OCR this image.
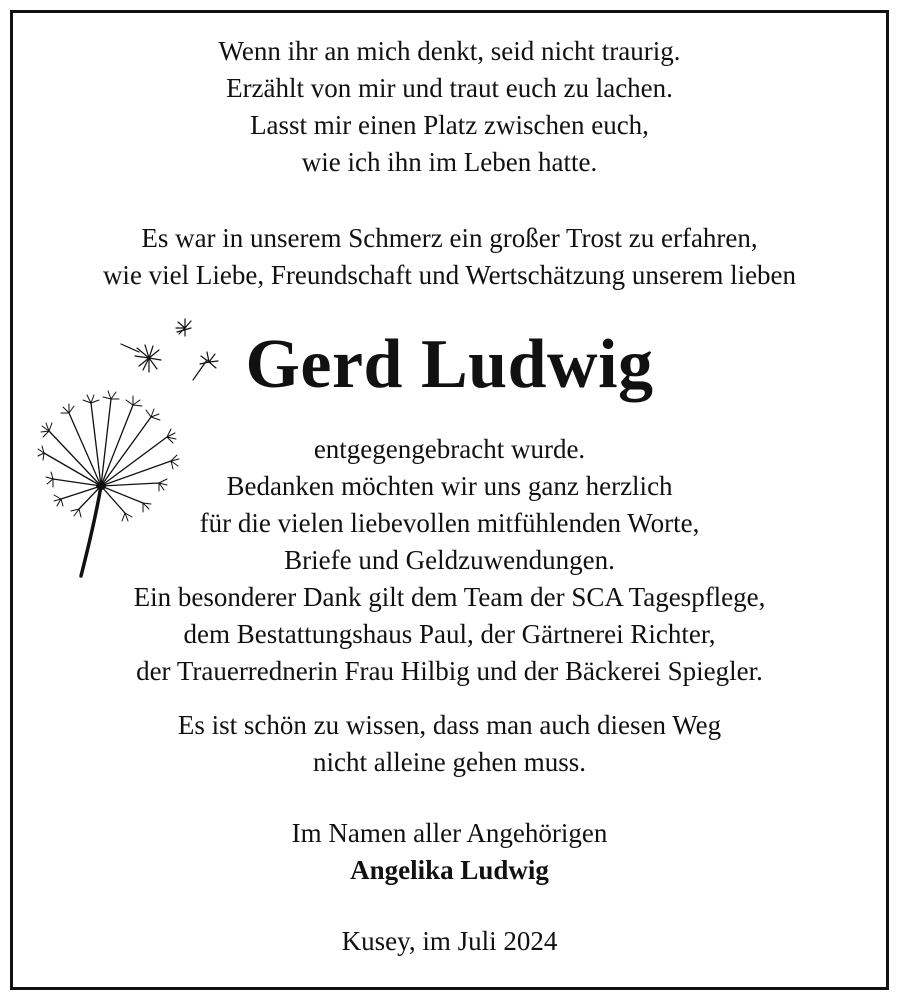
Wenn ihr an mich denkt, seid nicht traurig.
Erzählt von mir und traut euch zu lachen.
Lasst mir einen Platz zwischen euch,
wie ich ihn im Leben hatte.
Es war in unserem Schmerz ein großer Trost zu erfahren,
wie viel Liebe, Freundschaft und Wertschätzung unserem lieben
Gerd Ludwig
entgegengebracht wurde.
Bedanken möchten wir uns ganz herzlich
für die vielen liebevollen mitfühlenden Worte,
Briefe und Geldzuwendungen.
Ein besonderer Dank gilt dem Team der SCA Tagespflege,
dem Bestattungshaus Paul, der Gärtnerei Richter,
der Trauerrednerin Frau Hilbig und der Bäckerei Spiegler.
Es ist schön zu wissen, dass man auch diesen Weg
nicht alleine gehen muss.
Im Namen aller Angehörigen
Angelika Ludwig
Kusey, im Juli 2024
